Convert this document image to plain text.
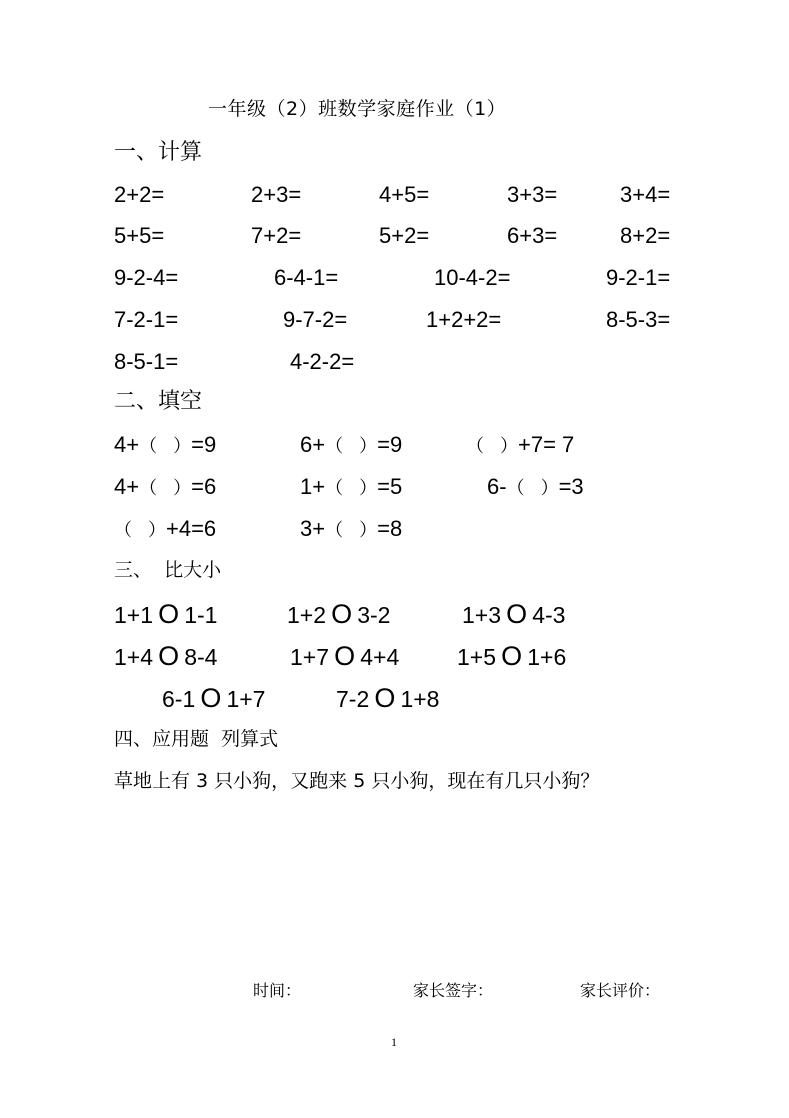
一年级（2）班数学家庭作业（1）
一、计算
2+2=	2+3=	4+5=	3+3=	3+4=
5+5=	7+2=	5+2=	6+3=	8+2=
9-2-4=	6-4-1=	10-4-2=	9-2-1=
7-2-1=	9-7-2=	1+2+2=	8-5-3=
8-5-1=	4-2-2=
二、填空
4+（ ）=9	6+（ ）=9	（ ）+7= 7
4+（ ）=6	1+（ ）=5	6-（ ）=3
（ ）+4=6	3+（ ）=8
三、  比大小
1+1 O 1-1	1+2 O 3-2	1+3 O 4-3
1+4 O 8-4	1+7 O 4+4	1+5 O 1+6
6-1 O 1+7	7-2 O 1+8
四、应用题  列算式
草地上有 3 只小狗，又跑来 5 只小狗，现在有几只小狗？
时间：	家长签字：	家长评价：
1
